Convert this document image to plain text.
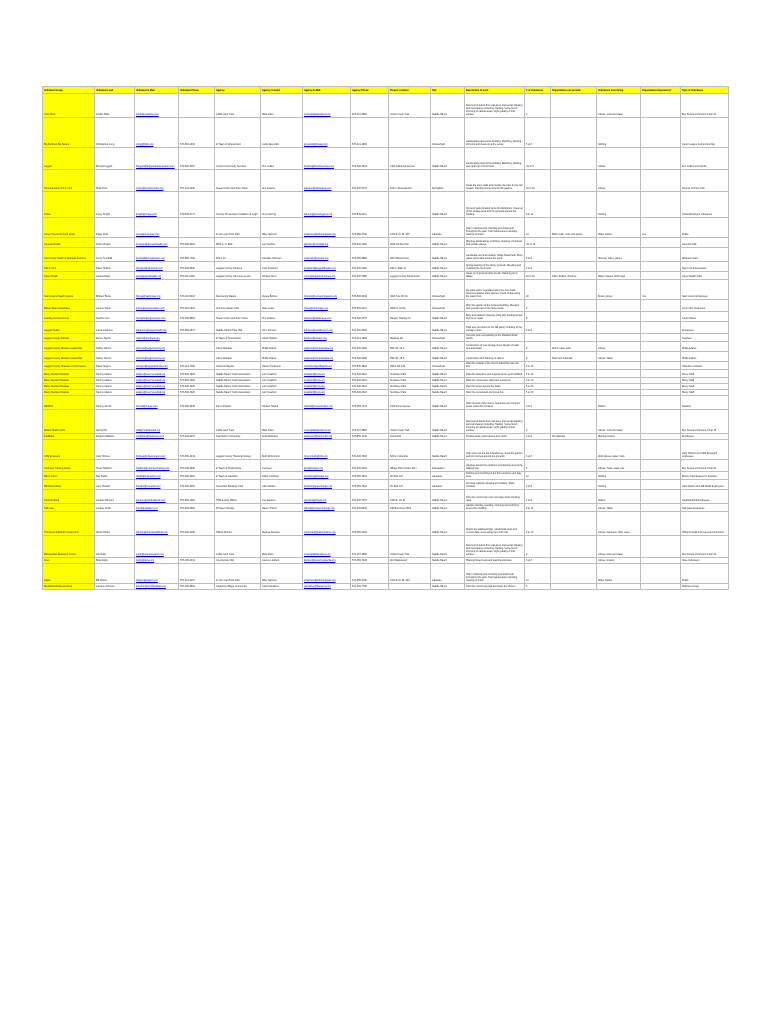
Volunteer Group	Volunteer Lead	Volunteer E-Mail	Volunteer Phone	Agency	Agency Contact	Agency E-Mail	Agency Phone	Project Location	City	Description of work	# of Volunteers	Organization can provide	Volunteers must bring	Organization Experience?	Type of Volunteers
Cole Films	Jordan Mark	jmark@colefilms.com		LAKE Land Trust	Mark Ross	mross@lakelandtrust.org	573-427-2850	Yellow Creek Trail	Saddle Ranch	Removal of debris from trail area, Fauna trail planting and trail cleanup including: Hauling. Some brush trimming of natural areas. Light grading of trail surface.	2		Gloves, tools and water		Boy Scouts of America Troop 41
Big Brothers Big Sisters	Christopher Long	clong@bbbs.org	573-884-1200	In Ways of Chesterfield	Justin Reynolds	jreynolds@inways.org	573-421-1800		Chesterfield	Landscaping around the building. Mulching, planting, trimming and clean-up at the center.	5 to 8		Nothing		Junior League Community Day
Leggett	Brenda Leggett	bleggett@leggettandassociates.com	573-864-3487	Lincoln Community Services	Kim Collins	kcollins@lincolnservices.org	573-426-2504	1400 Oakwood Avenue	Saddle Ranch	Landscaping around the building. Mulching, planting and clean-up of front beds.	Up to 8		Gloves		Kim Collins and friends
Hunt Adventure Pony Club	Molly Hunt	mhunt@huntponyclub.org	573-444-6436	Susan Krehm and Pam Travis	Ann Lawson	alawson@stablearea.com	573-426-3770	512 N. Riverside Rd.	Springfield	Clean the pony stalls and prepare the barn for the fall season. Painting fences around the pasture.	10 to 15		Gloves		Parents of Pony Club
Cintas	Jenny Knight	jknight@cintas.com	573-839-0774	Country Preservation Coalition of Leigh	Amy Fleming	afleming@countrypres.org	573-839-2211		Saddle Ranch	Sort and pack donated items for distribution. Clean up of the storage area and the grounds around the building.	8 to 12		Nothing		Cintas Employee Volunteers
Clover Payments Field Study	Paige Ross	pross@cloverpay.com		In the Loop Pride Park	Mike Harrison	mharrison@inthelooppark.org	573-656-3790	2150 E St. Rt. 235	Lakeside	Help in planting and mulching perennial beds throughout the park. Trail maintenance including clearing of brush.	12	Bark mulch, tools and gloves	Water bottles	Yes	Public
Genesis Health	Kristy Morgan	kmorgan@genesishealth.com	573-330-9210	MHS A. H. Blair	Lori Gardner	lgardner@mhsblair.org	573-632-1250	2234 Orchard Rd.	Saddle Ranch	Planting, landscaping, mulching, cleaning of windows and overall upkeep.	Up to 10				Genesis Staff
Community Health & Wellness Partners	Jenny Trenthall	jtrenthall@chwpartners.org	573-884-7780	Prime Fit	Candace Hartman	chartman@primefit.org	573-465-9880	400 Hillview Drive	Saddle Ranch	Landscape and trail cleanup. Ridge Road beds. Plant native perennials around the pond.	5 to 8		Shovels, rakes, gloves		Wellness Team
Sam's Club	Dawn Hudson	dhudson@samsclub.com	573-426-5540	Leggett County Libraries	Judy Crawford	jcrawford@leggettlibraries.org	573-426-1300	540 N. Main St.	Saddle Ranch	Spring cleaning of the library grounds. Weeding and mulching the front beds.	2 to 6				Sam's Club Associates
Quest Health	Joshua Davis	jdavis@questhealth.org	573-311-2490	Leggett County Volunteer Center	Christie Nunn	cnunn@leggettvolunteers.org	573-426-7880	Leggett County Fairgrounds	Saddle Ranch	Clean up of grounds after the fair. Painting picnic tables.	10 to 15	Paint, Rollers, Brushes	Water, Gloves, Work rags		Quest Health Staff
Saint Luke's Health System	Brittany Bruss	bbruss@saintlukes.org	573-416-5218	Recovering Waters	Renee Borden	rborden@recoveringwaters.org	573-836-9340	3000 S.E. 8th St.	Chesterfield	Re-plant native vegetation along the river bank. Remove invasive plant species. Trash pickup along the water front.	20		Boots, gloves	Yes	Saint Luke's Employees
Waste Water Associates	Jerome Stone	jstone@wwassociates.com	573-416-6631	Amherst Garden Club	Rose Lutter	rlutter@amherstgc.org	573-836-1170	2506 N. 3rd St.	Chesterfield	Plant the garden of the Amherst building. Weeding and general care of the flower beds.	6				Lions Club Volunteers
Leading Ventures Fund	Heather Cox	hcox@leadingventures.com	573-336-8584	Susan Krehm and Pam Travis	Kim Lawson	klawson@stablearea.com	573-426-3770	Ranger Training Ctr	Saddle Ranch	Barn and paddock cleaning. Help with feeding horses and fence repair.	8				Junior Riders
Leggett Health	Laura Adamson	ladamson@leggetthealth.org	573-864-0573	Saddle Ranch Pride Hall	Terri Johnson	tjohnson@saddleranch.org	573-426-3320		Saddle Ranch	Pack and sort items for the fall pantry. Painting of the storage rooms.	6 to 8				Employees
Leggett County Schools	Renee Tayton	rtayton@lcschools.org		In Ways of Chesterfield	Jared Hopkins	jhopkins@inways.org	573-421-1800	Meadow Rd.	Chesterfield	Grounds work and painting at the Meadow Road facility.					Teachers
Leggett County Disaster Leadership	Ashley Clinton	aclinton@leggettcounty.org		Camp Wanaka	Phillip Adams	padams@campwanaka.org	573-426-4450	555 CR. 13 S.	Saddle Ranch	Construction of new storage shed. Repair of cabin roof and docks.	8	Wood, nails, tools	Gloves		Phillip Adams
Leggett County Disaster Leadership	Ashley Clinton	aclinton@leggettcounty.org		Camp Wanaka	Phillip Adams	padams@campwanaka.org	573-426-4450	555 CR. 13 S.	Saddle Ranch	Construction and Painting of cabins.	8	Paint and materials	Gloves, Water		Phillip Adams
Leggett County Chamber of Commerce	Paula Hopper	phopper@leggettchamber.org	573-413-7180	Jefferson Baptist	Rachel Tomlinson	rtomlinson@jeffbaptist.org	573-836-3530	456 E CR 415	Chesterfield	Paint the outside of the church fellowship hall and trim.	5 to 15				Chamber members
Mercy Medical Hospital	Tammy Adams	tadams@mercymedical.org	573-836-7926	Saddle Ranch Youth Association	Lori Crawford	lcrawford@srya.org	573-426-3410	Sunflower Park	Saddle Ranch	Paint the bleachers and dugouts at the youth ballfield.	5 to 10				Mercy Staff
Mercy Medical Hospital	Tammy Adams	tadams@mercymedical.org	573-836-7926	Saddle Ranch Youth Association	Lori Crawford	lcrawford@srya.org	573-426-3410	Sunflower Park	Saddle Ranch	Paint the concession stand and restrooms.	5 to 10				Mercy Staff
Mercy Medical Hospital	Tammy Adams	tadams@mercymedical.org	573-836-7926	Saddle Ranch Youth Association	Lori Crawford	lcrawford@srya.org	573-426-3410	Sunflower Park	Saddle Ranch	Paint the fence around the fields.	5 to 10				Mercy Staff
Mercy Medical Hospital	Tammy Adams	tadams@mercymedical.org	573-836-7926	Saddle Ranch Youth Association	Lori Crawford	lcrawford@srya.org	573-426-3410	Sunflower Park	Saddle Ranch	Paint the scoreboard and press box.	5 to 10				Mercy Staff
RE/MAX	Tammy Arnold	tarnold@remax.com	573-465-3345	Irvine Shelters	Norbert Tidwell	ntidwell@irvineshelters.org	573-465-7170	2130 Irvine Avenue	Saddle Ranch	Paint several of the rooms, bedrooms and common areas. Assemble furniture.	3 to 6		Rollers		Realtors
Mobile Health Clinic	Sandy Hill	shill@mobilehealth.org		LAKE Land Trust	Mark Ross	mross@lakelandtrust.org	573-427-2850	Yellow Creek Trail	Saddle Ranch	Removal of debris from trail area, Fauna trail planting and trail cleanup including: Hauling. Some brush trimming of natural areas. Light grading of trail surface.	2		Gloves, tools and water		Boy Scouts of America Troop 18
IntelliMed	Meghan Williams	mwilliams@intellimed.com	573-320-5270	Saint Erich Community	Anita Robinson	arobinson@saint-erich.org	573-855-7440	Cloverhills	Saddle Ranch	Prepare beds, plant flowers and mulch.	4 to 6	All materials	Planting clothes		Employees
CDS Emergent	Judy Holmes	jholmes@cdsemergent.com	573-839-1244	Leggett County Historical Society	Beth McCormick	bmccormick@lchs.org	573-426-7620	523 E. Columbia	Saddle Ranch	Help clean out the old schoolhouse, weed the garden and trim bushes around the grounds.	6 to 8		Work gloves, water, tools		Judy Holmes and CDS Emergent employees
Volunteer Training Group	Henry Stafford	hstafford@volunteertraining.org	573-438-4836	In Ways of Herbertsville	Joe Kent	jkent@inways.org	573-426-2320	Village Park (Amber Rd.)	Fairweather	Cleanup around the pavilions and planting around the walking trail.	6		Gloves, Tools, water, hat		Boy Scouts of America Troop 61
ME in Action	Ray Fields	rfields@meinaction.org	573-330-2016	In Ways of Lakeland	Kathy Lundberg	klundberg@inways.org	573-465-7510	PO Box 127	Lakeland	Painting and mulching of the front entrance and play area.	12		Nothing		Bounty Coordinators for Families
ME Retail Ideas	Lucy Howard	lhoward@meretail.com	573-330-2016	Greenfield Paintings Club	Jolie Martins	jmartins@greenfieldpc.org	573-465-7510	PO Box 127	Lakeland	Sort and organize donated art supplies. Wash windows.	4 to 8		Nothing		Jolie Martins and ME Retail Employees
Cardinal Bank	Jennifer Ransom	jransom@cardinalbank.com	573-839-1260	HHS & Gray Willow	Joe Sanders	jsanders@hhsgw.org	573-426-7070	2150 E. 1st St.	Saddle Ranch	Paint the community room and wipe down shelving units.	4 to 8		Rollers		Cardinal Bank Employees
Salt Lake	Lindsey Smith	lsmith@saltlake.com	573-330-0560	Prospect Springs	Darren Tirriell	dtirriell@prospectsprings.org	573-426-5540	340 Brentmore Blvd.	Saddle Ranch	Garden planting, weeding, trimming and mulching around the building.	8 to 12		Gloves, Water		Salt Lake Employees
Thomas & Whitfield Construction	Alison Hinton	ahinton@thomaswhitfield.com	573-426-1480	Hollow Prairies	Melissa Sheman	msheman@hollowprairies.org	573-465-4420		Saddle Ranch	Repair the walking bridge, rebuild trail steps and remove fallen trees along the north trail.	5 to 10		Gloves, hammers, drills, saws		Hilltop Drywall and General Contractors
Metropolitan Research Center	Jan Eddy	jeddy@metroresearch.org		LAKE Land Trust	Mark Ross	mross@lakelandtrust.org	573-427-2850	Yellow Creek Trail	Saddle Ranch	Removal of debris from trail area, Fauna trail planting and trail cleanup including: Hauling. Some brush trimming of natural areas. Light grading of trail surface.	2		Gloves, tools and water		Boy Scouts of America Troop 22
Aires	Brian Eddy	beddy@aires.org	573-445-0041	Countryside Villa	Joanne Lambert	jlambert@countrysidevilla.org	573-465-7220	110 Maplewood	Saddle Ranch	Planting flower beds and washing windows.	6 to 8		Gloves, trowels		Aires Volunteers
Aspire	Bill Weber	bweber@aspire.com	573-314-4270	In the Loop Pride Park	Mike Harrison	mharrison@inthelooppark.org	573-656-3790	2150 E St. Rt. 235	Lakeside	Help in planting and mulching perennial beds throughout the park. Trail maintenance including clearing of brush.	12		Water bottles		Public
Brookfield Wellness Group	Lorraine Johnson	ljohnson@brookfieldwg.com	573-330-5554	Lifespring Village Community	Gloria Donahue	gdonahue@lifespring.org	573-426-7730		Saddle Ranch	Paint the community hall and clean the kitchen.	6				Wellness Group
